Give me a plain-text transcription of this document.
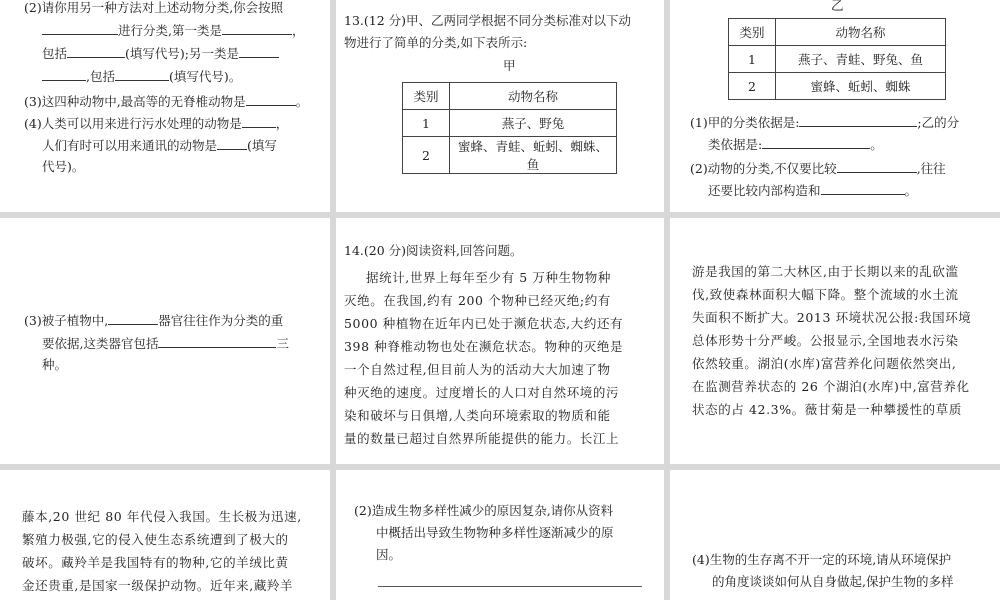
(2)请你用另一种方法对上述动物分类,你会按照
进行分类,第一类是	，
包括	(填写代号);另一类是
,包括	(填写代号)。
(3)这四种动物中,最高等的无脊椎动物是	。
(4)人类可以用来进行污水处理的动物是	，
人们有时可以用来通讯的动物是 (填写
代号)。
13.(12 分)甲、乙两同学根据不同分类标准对以下动
物进行了简单的分类,如下表所示:
甲
类别	动物名称
1	燕子、野兔
2	蜜蜂、青蛙、蚯蚓、蜘蛛、鱼
乙
类别	动物名称
1	燕子、青蛙、野兔、鱼
2	蜜蜂、蚯蚓、蜘蛛
(1)甲的分类依据是:	;乙的分
类依据是:	。
(2)动物的分类,不仅要比较	,往往
还要比较内部构造和	。
(3)被子植物中,	器官往往作为分类的重
要依据,这类器官包括	三
种。
14.(20 分)阅读资料,回答问题。
据统计,世界上每年至少有 5 万种生物物种
灭绝。在我国,约有 200 个物种已经灭绝;约有
5000 种植物在近年内已处于濒危状态,大约还有
398 种脊椎动物也处在濒危状态。物种的灭绝是
一个自然过程,但目前人为的活动大大加速了物
种灭绝的速度。过度增长的人口对自然环境的污
染和破坏与日俱增,人类向环境索取的物质和能
量的数量已超过自然界所能提供的能力。长江上
游是我国的第二大林区,由于长期以来的乱砍滥
伐,致使森林面积大幅下降。整个流域的水土流
失面积不断扩大。2013 环境状况公报:我国环境
总体形势十分严峻。公报显示,全国地表水污染
依然较重。湖泊(水库)富营养化问题依然突出,
在监测营养状态的 26 个湖泊(水库)中,富营养化
状态的占 42.3%。薇甘菊是一种攀援性的草质
藤本,20 世纪 80 年代侵入我国。生长极为迅速,
繁殖力极强,它的侵入使生态系统遭到了极大的
破坏。藏羚羊是我国特有的物种,它的羊绒比黄
金还贵重,是国家一级保护动物。近年来,藏羚羊
(2)造成生物多样性减少的原因复杂,请你从资料
中概括出导致生物物种多样性逐渐减少的原
因。	(4)生物的生存离不开一定的环境,请从环境保护
的角度谈谈如何从自身做起,保护生物的多样
